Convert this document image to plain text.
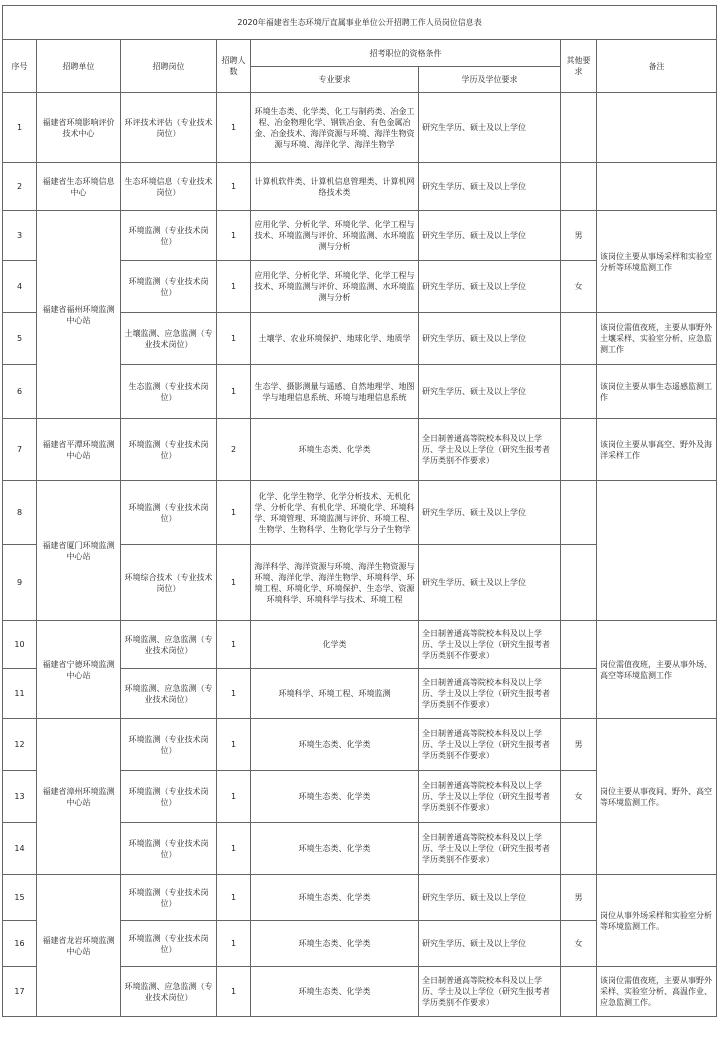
2020年福建省生态环境厅直属事业单位公开招聘工作人员岗位信息表							
序号	招聘单位	招聘岗位	招聘人数	招考职位的资格条件		其他要求	备注
				专业要求	学历及学位要求		
1	福建省环境影响评价技术中心	环评技术评估（专业技术岗位）	1	环境生态类、化学类、化工与制药类、冶金工程、冶金物理化学、钢铁冶金、有色金属冶金、冶金技术、海洋资源与环境、海洋生物资源与环境、海洋化学、海洋生物学	研究生学历、硕士及以上学位		
2	福建省生态环境信息中心	生态环境信息（专业技术岗位）	1	计算机软件类、计算机信息管理类、计算机网络技术类	研究生学历、硕士及以上学位		
3	福建省福州环境监测中心站	环境监测（专业技术岗位）	1	应用化学、分析化学、环境化学、化学工程与技术、环境监测与评价、环境监测、水环境监测与分析	研究生学历、硕士及以上学位	男	该岗位主要从事场采样和实验室分析等环境监测工作
4		环境监测（专业技术岗位）	1	应用化学、分析化学、环境化学、化学工程与技术、环境监测与评价、环境监测、水环境监测与分析	研究生学历、硕士及以上学位	女	
5		土壤监测、应急监测（专业技术岗位）	1	土壤学、农业环境保护、地球化学、地质学	研究生学历、硕士及以上学位		该岗位需值夜班，主要从事野外土壤采样、实验室分析、应急监测工作
6		生态监测（专业技术岗位）	1	生态学、摄影测量与遥感、自然地理学、地图学与地理信息系统、环境与地理信息系统	研究生学历、硕士及以上学位		该岗位主要从事生态遥感监测工作
7	福建省平潭环境监测中心站	环境监测（专业技术岗位）	2	环境生态类、化学类	全日制普通高等院校本科及以上学历、学士及以上学位（研究生报考者学历类别不作要求）		该岗位主要从事高空、野外及海洋采样工作
8	福建省厦门环境监测中心站	环境监测（专业技术岗位）	1	化学、化学生物学、化学分析技术、无机化学、分析化学、有机化学、环境化学、环境科学、环境管理、环境监测与评价、环境工程、生物学、生物科学、生物化学与分子生物学	研究生学历、硕士及以上学位		
9		环境综合技术（专业技术岗位）	1	海洋科学、海洋资源与环境、海洋生物资源与环境、海洋化学、海洋生物学、环境科学、环境工程、环境化学、环境保护、生态学、资源环境科学、环境科学与技术、环境工程	研究生学历、硕士及以上学位		
10	福建省宁德环境监测中心站	环境监测、应急监测（专业技术岗位）	1	化学类	全日制普通高等院校本科及以上学历、学士及以上学位（研究生报考者学历类别不作要求）		岗位需值夜班，主要从事外场、高空等环境监测工作
11		环境监测、应急监测（专业技术岗位）	1	环境科学、环境工程、环境监测	全日制普通高等院校本科及以上学历、学士及以上学位（研究生报考者学历类别不作要求）		
12	福建省漳州环境监测中心站	环境监测（专业技术岗位）	1	环境生态类、化学类	全日制普通高等院校本科及以上学历、学士及以上学位（研究生报考者学历类别不作要求）	男	岗位主要从事夜间、野外、高空等环境监测工作。
13		环境监测（专业技术岗位）	1	环境生态类、化学类	全日制普通高等院校本科及以上学历、学士及以上学位（研究生报考者学历类别不作要求）	女	
14		环境监测（专业技术岗位）	1	环境生态类、化学类	全日制普通高等院校本科及以上学历、学士及以上学位（研究生报考者学历类别不作要求）		
15	福建省龙岩环境监测中心站	环境监测（专业技术岗位）	1	环境生态类、化学类	研究生学历、硕士及以上学位	男	岗位从事外场采样和实验室分析等环境监测工作。
16		环境监测（专业技术岗位）	1	环境生态类、化学类	研究生学历、硕士及以上学位	女	
17		环境监测、应急监测（专业技术岗位）	1	环境生态类、化学类	全日制普通高等院校本科及以上学历、学士及以上学位（研究生报考者学历类别不作要求）		该岗位需值夜班，主要从事野外采样、实验室分析、高温作业、应急监测工作。
